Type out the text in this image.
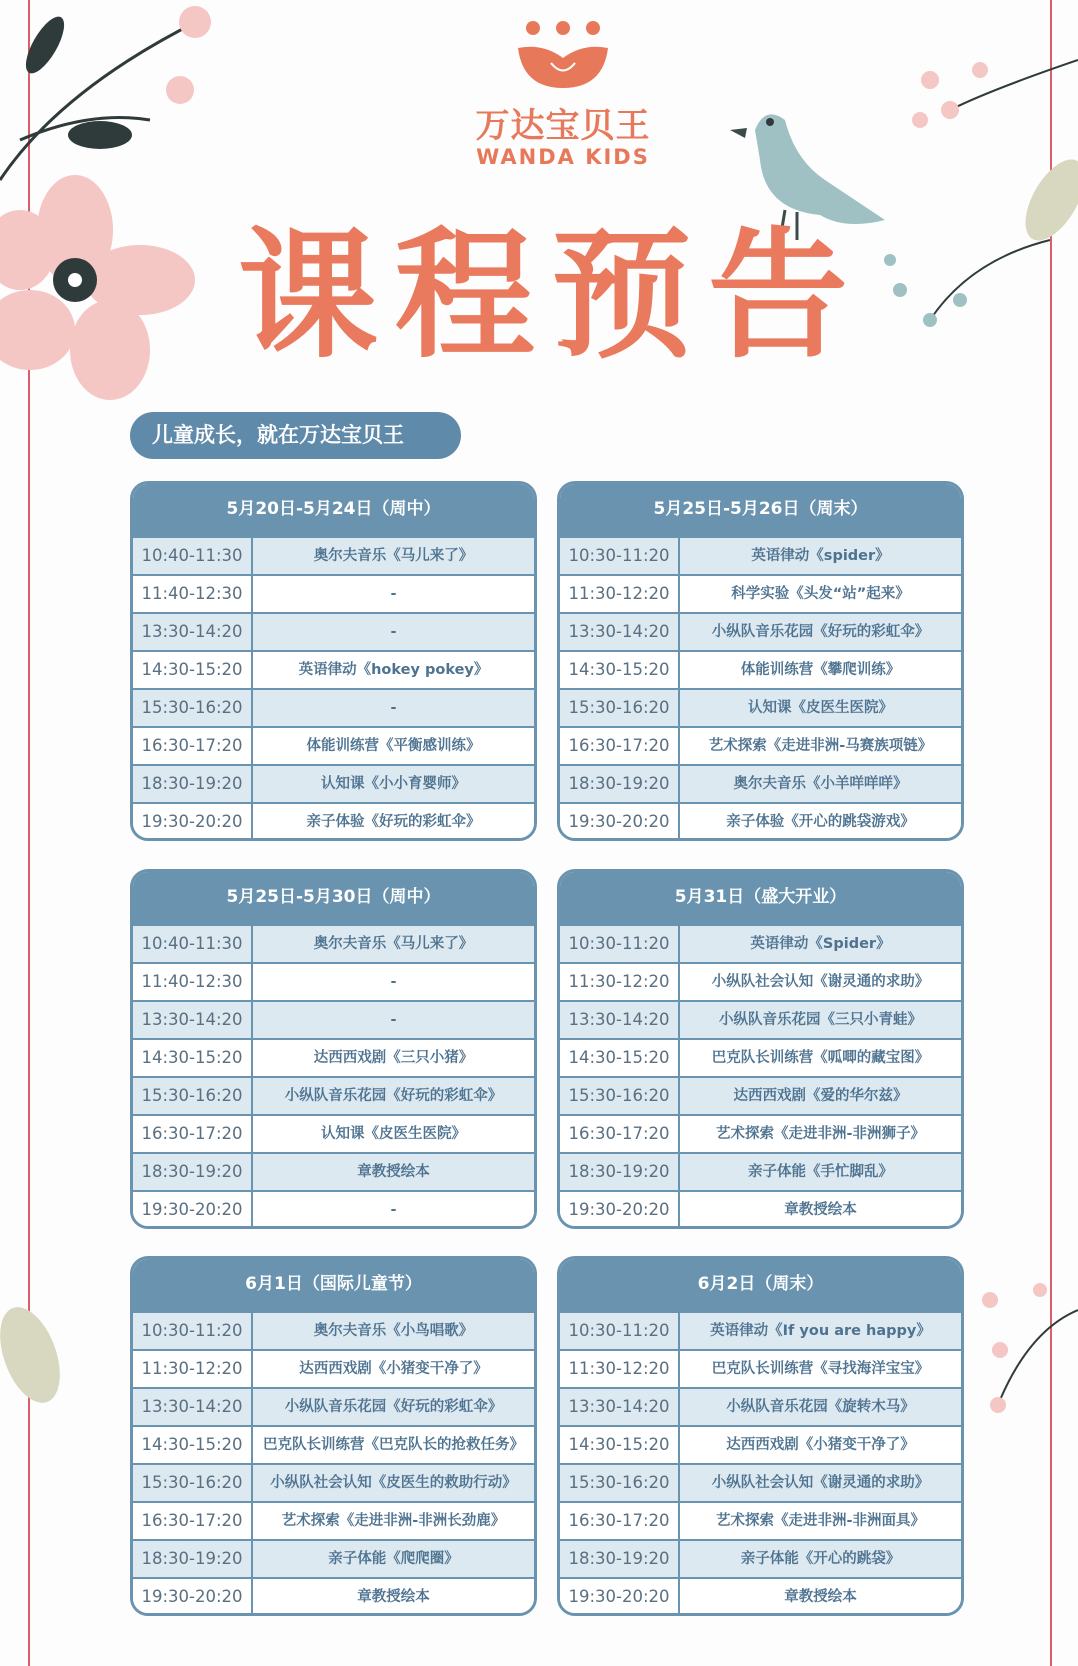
万达宝贝王
WANDA KIDS
课 程 预 告
儿童成长，就在万达宝贝王
5月20日-5月24日（周中）
10:40-11:30	奥尔夫音乐《马儿来了》
11:40-12:30	-
13:30-14:20	-
14:30-15:20	英语律动《hokey pokey》
15:30-16:20	-
16:30-17:20	体能训练营《平衡感训练》
18:30-19:20	认知课《小小育婴师》
19:30-20:20	亲子体验《好玩的彩虹伞》
5月25日-5月26日（周末）
10:30-11:20	英语律动《spider》
11:30-12:20	科学实验《头发“站”起来》
13:30-14:20	小纵队音乐花园《好玩的彩虹伞》
14:30-15:20	体能训练营《攀爬训练》
15:30-16:20	认知课《皮医生医院》
16:30-17:20	艺术探索《走进非洲-马赛族项链》
18:30-19:20	奥尔夫音乐《小羊咩咩咩》
19:30-20:20	亲子体验《开心的跳袋游戏》
5月25日-5月30日（周中）
10:40-11:30	奥尔夫音乐《马儿来了》
11:40-12:30	-
13:30-14:20	-
14:30-15:20	达西西戏剧《三只小猪》
15:30-16:20	小纵队音乐花园《好玩的彩虹伞》
16:30-17:20	认知课《皮医生医院》
18:30-19:20	章教授绘本
19:30-20:20	-
5月31日（盛大开业）
10:30-11:20	英语律动《Spider》
11:30-12:20	小纵队社会认知《谢灵通的求助》
13:30-14:20	小纵队音乐花园《三只小青蛙》
14:30-15:20	巴克队长训练营《呱唧的藏宝图》
15:30-16:20	达西西戏剧《爱的华尔兹》
16:30-17:20	艺术探索《走进非洲-非洲狮子》
18:30-19:20	亲子体能《手忙脚乱》
19:30-20:20	章教授绘本
6月1日（国际儿童节）
10:30-11:20	奥尔夫音乐《小鸟唱歌》
11:30-12:20	达西西戏剧《小猪变干净了》
13:30-14:20	小纵队音乐花园《好玩的彩虹伞》
14:30-15:20	巴克队长训练营《巴克队长的抢救任务》
15:30-16:20	小纵队社会认知《皮医生的救助行动》
16:30-17:20	艺术探索《走进非洲-非洲长劲鹿》
18:30-19:20	亲子体能《爬爬圈》
19:30-20:20	章教授绘本
6月2日（周末）
10:30-11:20	英语律动《If you are happy》
11:30-12:20	巴克队长训练营《寻找海洋宝宝》
13:30-14:20	小纵队音乐花园《旋转木马》
14:30-15:20	达西西戏剧《小猪变干净了》
15:30-16:20	小纵队社会认知《谢灵通的求助》
16:30-17:20	艺术探索《走进非洲-非洲面具》
18:30-19:20	亲子体能《开心的跳袋》
19:30-20:20	章教授绘本
